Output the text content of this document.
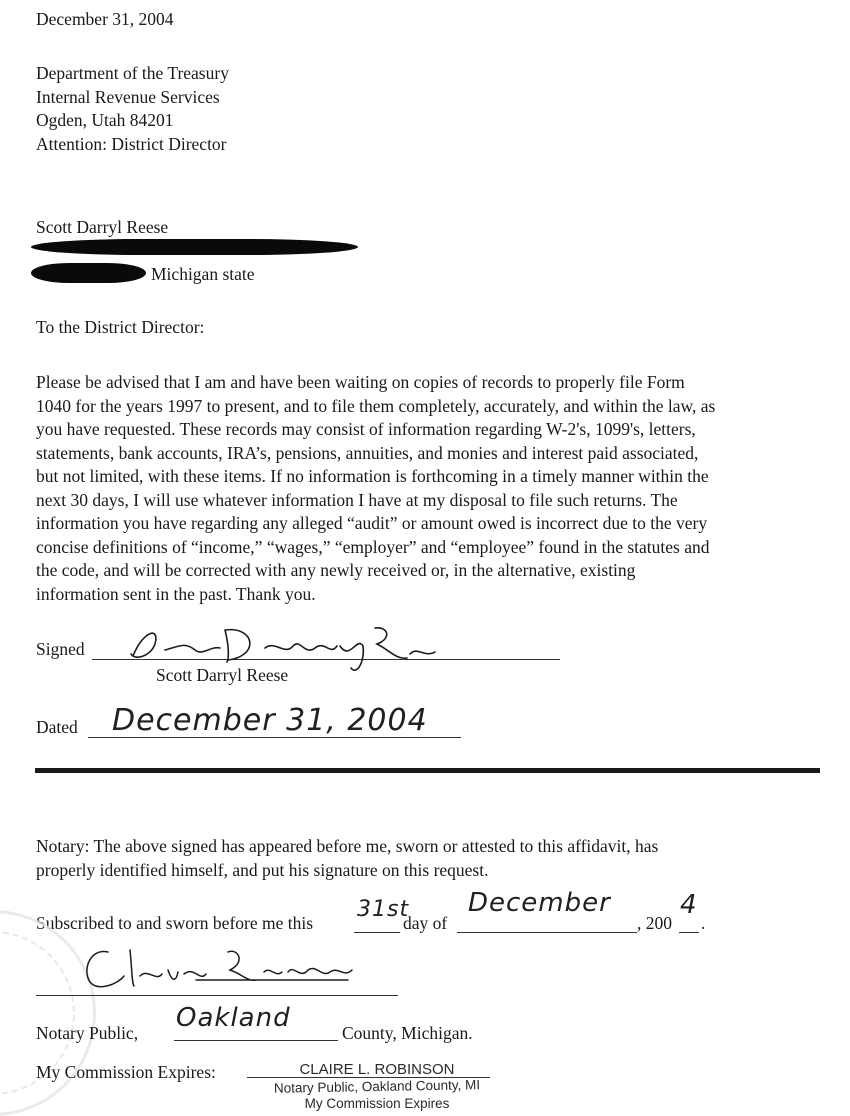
December 31, 2004

Department of the Treasury
Internal Revenue Services
Ogden, Utah 84201
Attention: District Director

Scott Darryl Reese

Michigan state

To the District Director:

Please be advised that I am and have been waiting on copies of records to properly file Form
1040 for the years 1997 to present, and to file them completely, accurately, and within the law, as
you have requested. These records may consist of information regarding W-2's, 1099's, letters,
statements, bank accounts, IRA’s, pensions, annuities, and monies and interest paid associated,
but not limited, with these items. If no information is forthcoming in a timely manner within the
next 30 days, I will use whatever information I have at my disposal to file such returns. The
information you have regarding any alleged “audit” or amount owed is incorrect due to the very
concise definitions of “income,” “wages,” “employer” and “employee” found in the statutes and
the code, and will be corrected with any newly received or, in the alternative, existing
information sent in the past. Thank you.

Signed

Scott Darryl Reese

Dated December 31, 2004

Notary: The above signed has appeared before me, sworn or attested to this affidavit, has

properly identified himself, and put his signature on this request.

Subscribed to and sworn before me this

31st

day of

December

, 200

4

.

Notary Public, Oakland	County, Michigan.

My Commission Expires:	CLAIRE L. ROBINSON
Notary Public, Oakland County, MI
My Commission Expires
